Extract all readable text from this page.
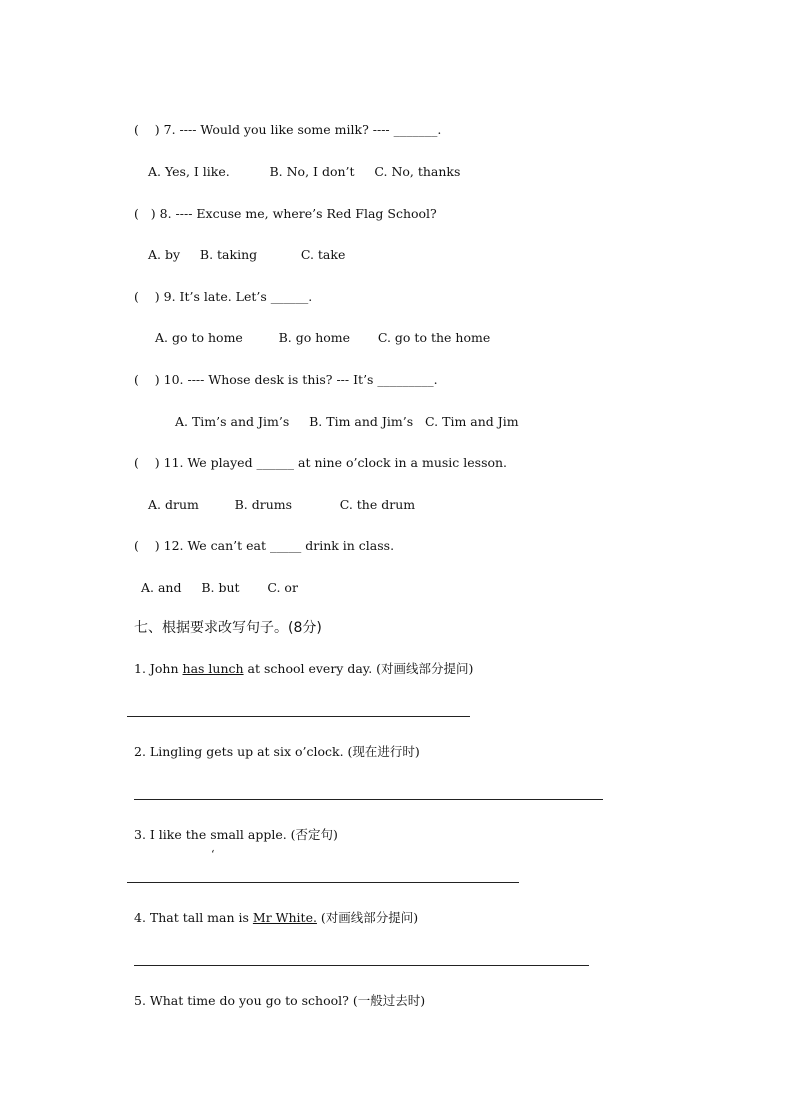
(    ) 7. ---- Would you like some milk? ---- _______.
A. Yes, I like.          B. No, I don’t     C. No, thanks
(   ) 8. ---- Excuse me, where’s Red Flag School?
A. by     B. taking           C. take
(    ) 9. It’s late. Let’s ______.
A. go to home         B. go home       C. go to the home
(    ) 10. ---- Whose desk is this? --- It’s _________.
A. Tim’s and Jim’s     B. Tim and Jim’s   C. Tim and Jim
(    ) 11. We played ______ at nine o’clock in a music lesson.
A. drum         B. drums            C. the drum
(    ) 12. We can’t eat _____ drink in class.
A. and     B. but       C. or
七、根据要求改写句子。(8分)
1. John has lunch at school every day. (对画线部分提问)
2. Lingling gets up at six o’clock. (现在进行时)
3. I like the small apple. (否定句)
‘
4. That tall man is Mr White. (对画线部分提问)
5. What time do you go to school? (一般过去时)
